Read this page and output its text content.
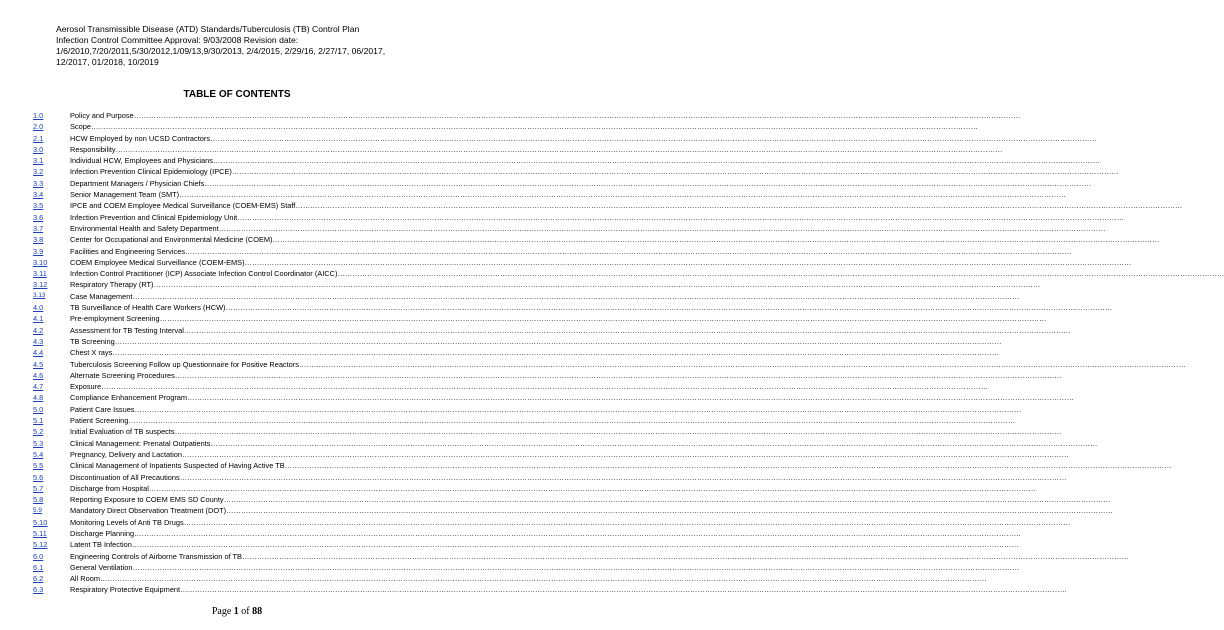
Aerosol Transmissible Disease (ATD) Standards/Tuberculosis (TB) Control Plan
Infection Control Committee Approval: 9/03/2008 Revision date:
1/6/2010,7/20/2011,5/30/2012,1/09/13,9/30/2013, 2/4/2015, 2/29/16, 2/27/17, 06/2017,
12/2017, 01/2018, 10/2019
TABLE OF CONTENTS
1.0	Policy and Purpose ………………………………………………………………………………………………………………………………………………………………………………………………………………………………………………………………………………………………………………………………
2.0	Scope ………………………………………………………………………………………………………………………………………………………………………………………………………………………………………………………………………………………………………………………………
2.1	HCW Employed by non UCSD Contractors ………………………………………………………………………………………………………………………………………………………………………………………………………………………………………………………………………………………………………………………………
3.0	Responsibility ………………………………………………………………………………………………………………………………………………………………………………………………………………………………………………………………………………………………………………………………
3.1	Individual HCW, Employees and Physicians ………………………………………………………………………………………………………………………………………………………………………………………………………………………………………………………………………………………………………………………………
3.2	Infection Prevention Clinical Epidemiology (IPCE) ………………………………………………………………………………………………………………………………………………………………………………………………………………………………………………………………………………………………………………………………
3.3	Department Managers / Physician Chiefs ………………………………………………………………………………………………………………………………………………………………………………………………………………………………………………………………………………………………………………………………
3.4	Senior Management Team (SMT) ………………………………………………………………………………………………………………………………………………………………………………………………………………………………………………………………………………………………………………………………
3.5	IPCE and COEM Employee Medical Surveillance (COEM-EMS) Staff ………………………………………………………………………………………………………………………………………………………………………………………………………………………………………………………………………………………………………………………………
3.6	Infection Prevention and Clinical Epidemiology Unit ………………………………………………………………………………………………………………………………………………………………………………………………………………………………………………………………………………………………………………………………
3.7	Environmental Health and Safety Department ………………………………………………………………………………………………………………………………………………………………………………………………………………………………………………………………………………………………………………………………
3.8	Center for Occupational and Environmental Medicine (COEM) ………………………………………………………………………………………………………………………………………………………………………………………………………………………………………………………………………………………………………………………………
3.9	Facilities and Engineering Services ………………………………………………………………………………………………………………………………………………………………………………………………………………………………………………………………………………………………………………………………
3.10	COEM Employee Medical Surveillance (COEM-EMS) ………………………………………………………………………………………………………………………………………………………………………………………………………………………………………………………………………………………………………………………………
3.11	Infection Control Practitioner (ICP) Associate Infection Control Coordinator (AICC) ………………………………………………………………………………………………………………………………………………………………………………………………………………………………………………………………………………………………………………………………
3.12	Respiratory Therapy (RT) ………………………………………………………………………………………………………………………………………………………………………………………………………………………………………………………………………………………………………………………………
3.13	Case Management ………………………………………………………………………………………………………………………………………………………………………………………………………………………………………………………………………………………………………………………………
4.0	TB Surveillance of Health Care Workers (HCW) ………………………………………………………………………………………………………………………………………………………………………………………………………………………………………………………………………………………………………………………………
4.1	Pre-employment Screening ………………………………………………………………………………………………………………………………………………………………………………………………………………………………………………………………………………………………………………………………
4.2	Assessment for TB Testing Interval ………………………………………………………………………………………………………………………………………………………………………………………………………………………………………………………………………………………………………………………………
4.3	TB Screening ………………………………………………………………………………………………………………………………………………………………………………………………………………………………………………………………………………………………………………………………
4.4	Chest X rays ………………………………………………………………………………………………………………………………………………………………………………………………………………………………………………………………………………………………………………………………
4.5	Tuberculosis Screening Follow up Questionnaire for Positive Reactors ………………………………………………………………………………………………………………………………………………………………………………………………………………………………………………………………………………………………………………………………
4.6	Alternate Screening Procedures ………………………………………………………………………………………………………………………………………………………………………………………………………………………………………………………………………………………………………………………………
4.7	Exposure ………………………………………………………………………………………………………………………………………………………………………………………………………………………………………………………………………………………………………………………………
4.8	Compliance Enhancement Program ………………………………………………………………………………………………………………………………………………………………………………………………………………………………………………………………………………………………………………………………
5.0	Patient Care Issues ………………………………………………………………………………………………………………………………………………………………………………………………………………………………………………………………………………………………………………………………
5.1	Patient Screening ………………………………………………………………………………………………………………………………………………………………………………………………………………………………………………………………………………………………………………………………
5.2	Initial Evaluation of TB suspects ………………………………………………………………………………………………………………………………………………………………………………………………………………………………………………………………………………………………………………………………
5.3	Clinical Management: Prenatal Outpatients ………………………………………………………………………………………………………………………………………………………………………………………………………………………………………………………………………………………………………………………………
5.4	Pregnancy, Delivery and Lactation ………………………………………………………………………………………………………………………………………………………………………………………………………………………………………………………………………………………………………………………………
5.5	Clinical Management of Inpatients Suspected of Having Active TB ………………………………………………………………………………………………………………………………………………………………………………………………………………………………………………………………………………………………………………………………
5.6	Discontinuation of All Precautions ………………………………………………………………………………………………………………………………………………………………………………………………………………………………………………………………………………………………………………………………
5.7	Discharge from Hospital ………………………………………………………………………………………………………………………………………………………………………………………………………………………………………………………………………………………………………………………………
5.8	Reporting Exposure to COEM EMS SD County ………………………………………………………………………………………………………………………………………………………………………………………………………………………………………………………………………………………………………………………………
5.9	Mandatory Direct Observation Treatment (DOT) ………………………………………………………………………………………………………………………………………………………………………………………………………………………………………………………………………………………………………………………………
5.10	Monitoring Levels of Anti TB Drugs ………………………………………………………………………………………………………………………………………………………………………………………………………………………………………………………………………………………………………………………………
5.11	Discharge Planning ………………………………………………………………………………………………………………………………………………………………………………………………………………………………………………………………………………………………………………………………
5.12	Latent TB Infection ………………………………………………………………………………………………………………………………………………………………………………………………………………………………………………………………………………………………………………………………
6.0	Engineering Controls of Airborne Transmission of TB ………………………………………………………………………………………………………………………………………………………………………………………………………………………………………………………………………………………………………………………………
6.1	General Ventilation ………………………………………………………………………………………………………………………………………………………………………………………………………………………………………………………………………………………………………………………………
6.2	All Room ………………………………………………………………………………………………………………………………………………………………………………………………………………………………………………………………………………………………………………………………
6.3	Respiratory Protective Equipment ………………………………………………………………………………………………………………………………………………………………………………………………………………………………………………………………………………………………………………………………
Page 1 of 88
